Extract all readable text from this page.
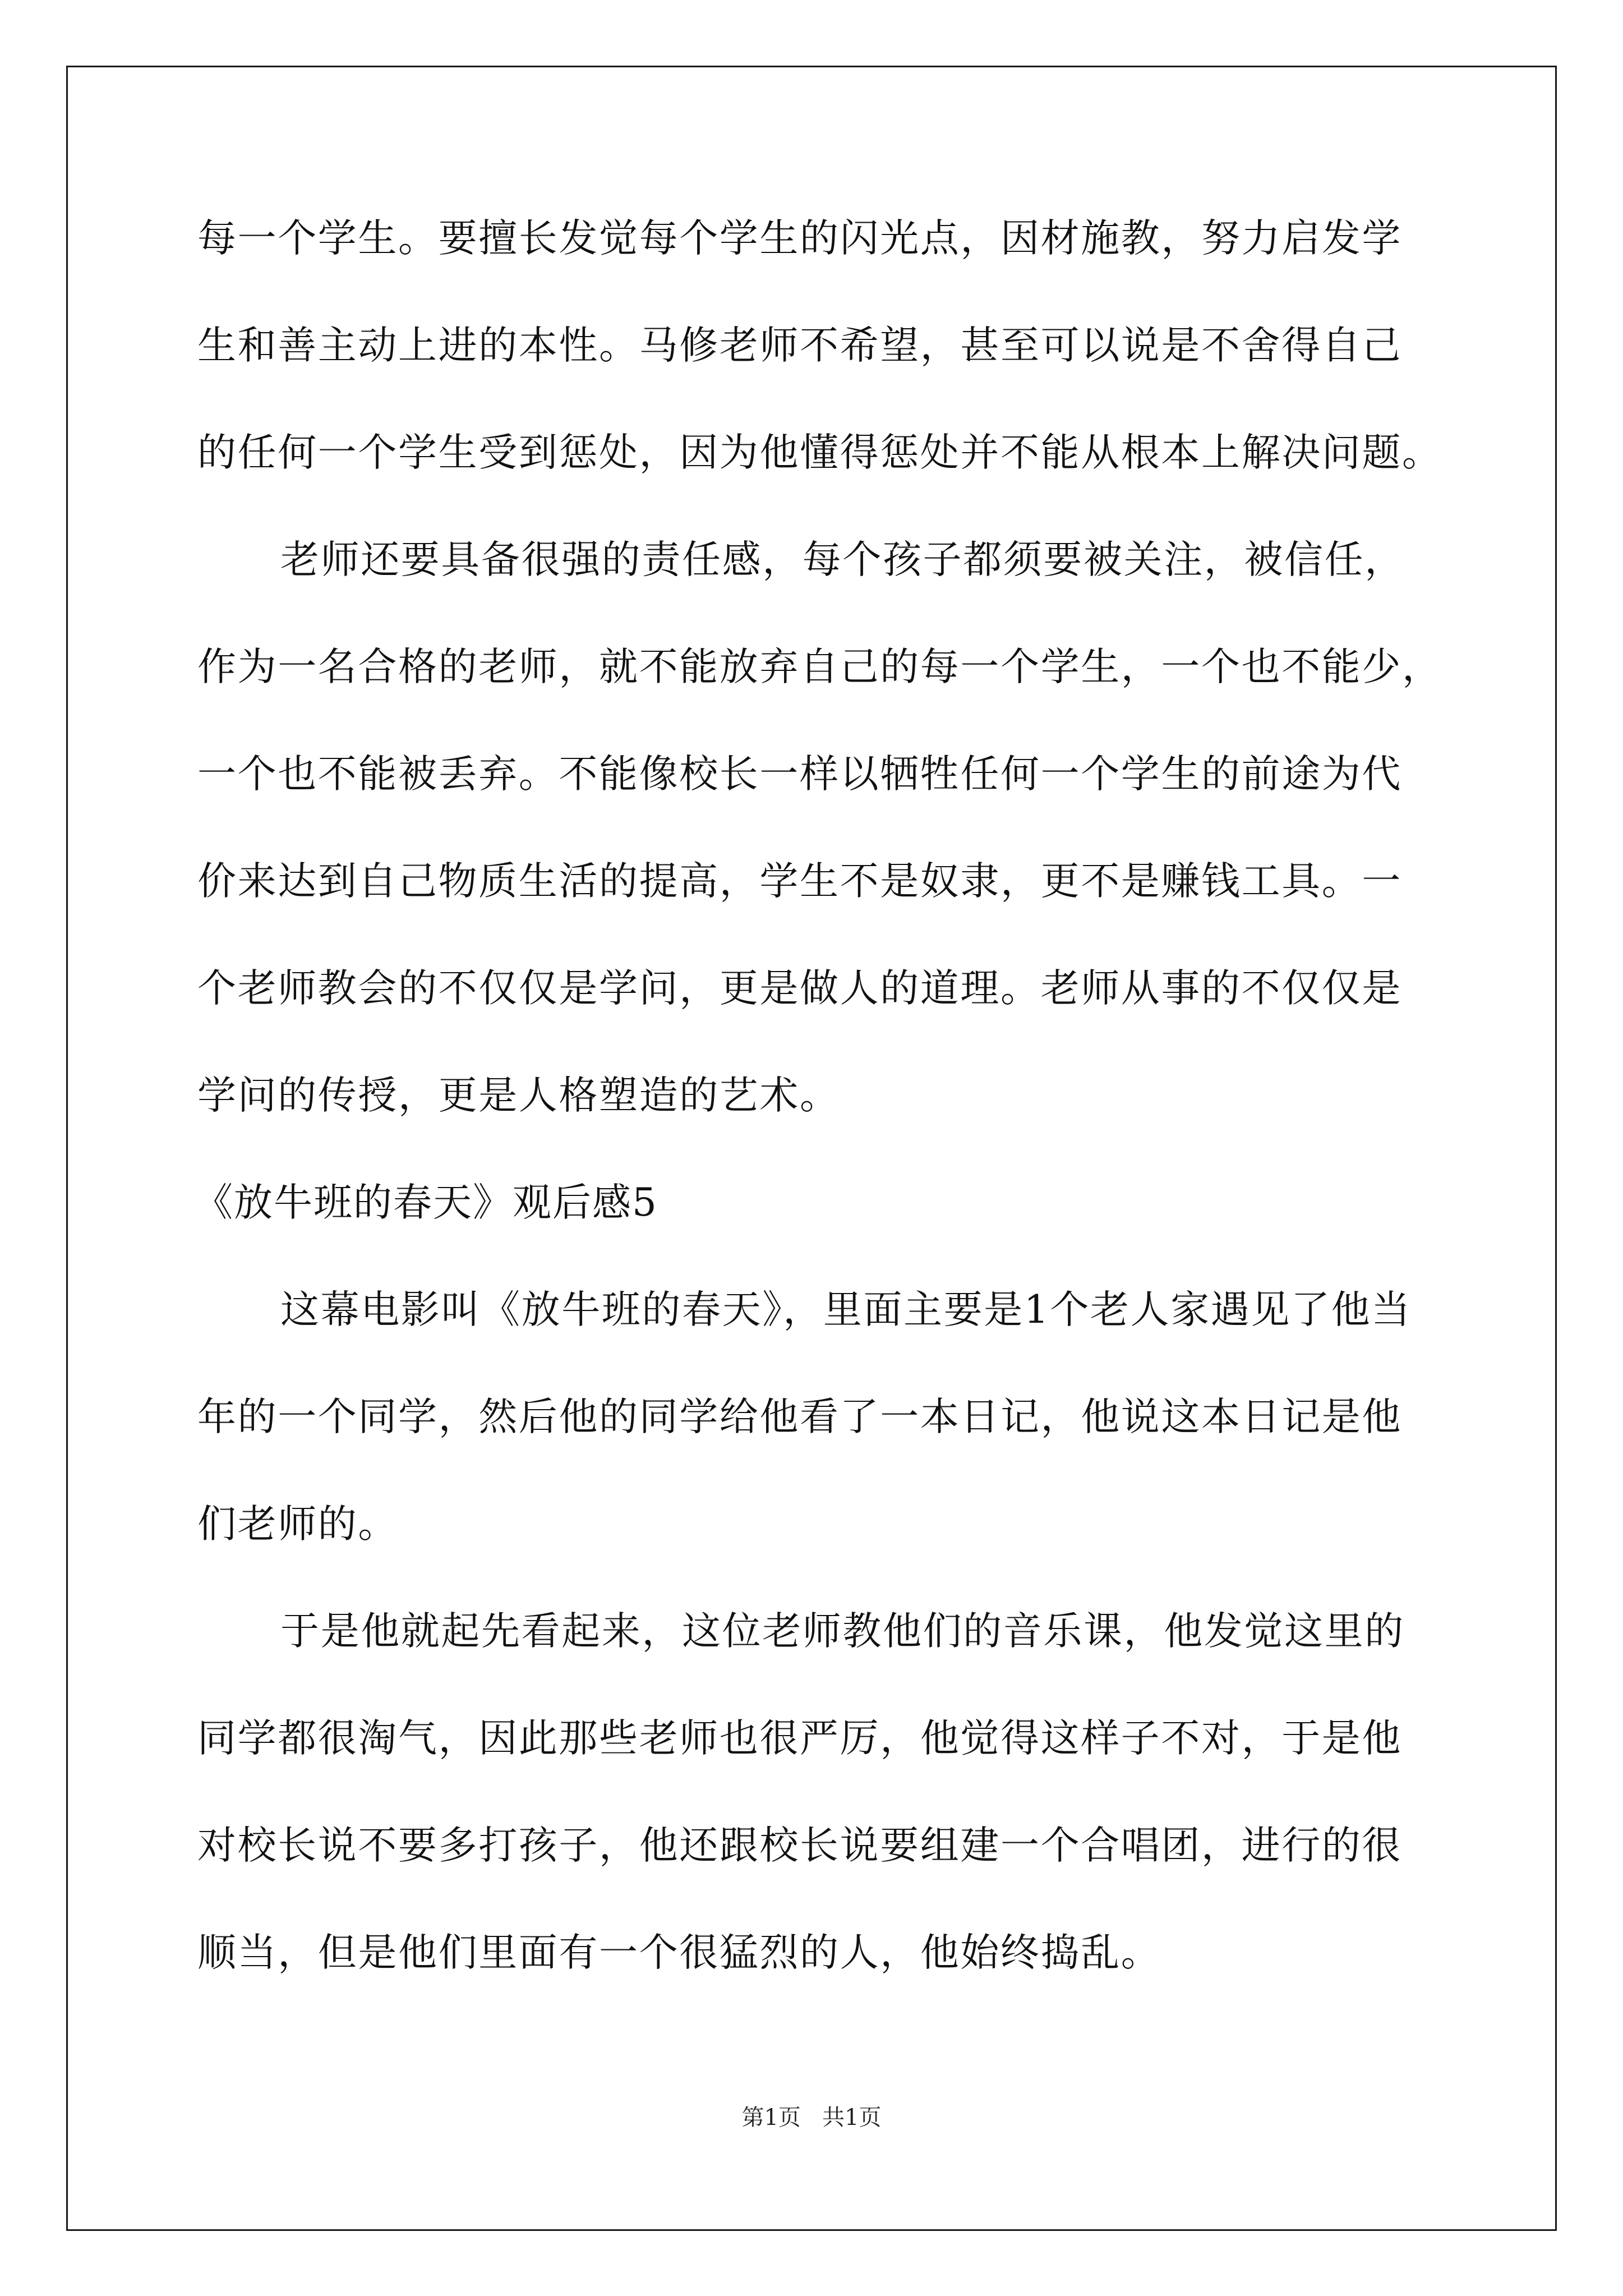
每一个学生。要擅长发觉每个学生的闪光点，因材施教，努力启发学

生和善主动上进的本性。马修老师不希望，甚至可以说是不舍得自己

的任何一个学生受到惩处，因为他懂得惩处并不能从根本上解决问题。

老师还要具备很强的责任感，每个孩子都须要被关注，被信任，

作为一名合格的老师，就不能放弃自己的每一个学生，一个也不能少，

一个也不能被丢弃。不能像校长一样以牺牲任何一个学生的前途为代

价来达到自己物质生活的提高，学生不是奴隶，更不是赚钱工具。一

个老师教会的不仅仅是学问，更是做人的道理。老师从事的不仅仅是

学问的传授，更是人格塑造的艺术。

《放牛班的春天》观后感5

这幕电影叫《放牛班的春天》，里面主要是1个老人家遇见了他当

年的一个同学，然后他的同学给他看了一本日记，他说这本日记是他

们老师的。

于是他就起先看起来，这位老师教他们的音乐课，他发觉这里的

同学都很淘气，因此那些老师也很严厉，他觉得这样子不对，于是他

对校长说不要多打孩子，他还跟校长说要组建一个合唱团，进行的很

顺当，但是他们里面有一个很猛烈的人，他始终捣乱。

第1页   共1页
